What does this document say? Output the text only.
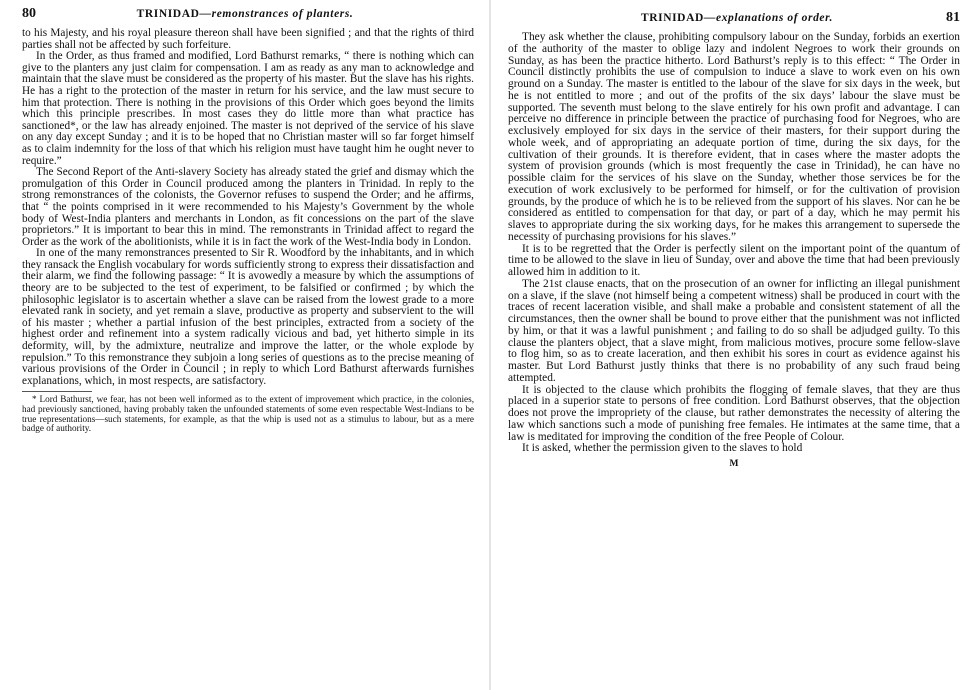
80	TRINIDAD—remonstrances of planters.

to his Majesty, and his royal pleasure thereon shall have been signified ; and that the rights of third parties shall not be affected by such forfeiture.

In the Order, as thus framed and modified, Lord Bathurst remarks, “ there is nothing which can give to the planters any just claim for compensation. I am as ready as any man to acknowledge and maintain that the slave must be considered as the property of his master. But the slave has his rights. He has a right to the protection of the master in return for his service, and the law must secure to him that protection. There is nothing in the provisions of this Order which goes beyond the limits which this principle prescribes. In most cases they do little more than what practice has sanctioned*, or the law has already enjoined. The master is not deprived of the service of his slave on any day except Sunday ; and it is to be hoped that no Christian master will so far forget himself as to claim indemnity for the loss of that which his religion must have taught him he ought never to require.”

The Second Report of the Anti-slavery Society has already stated the grief and dismay which the promulgation of this Order in Council produced among the planters in Trinidad. In reply to the strong remonstrances of the colonists, the Governor refuses to suspend the Order; and he affirms, that “ the points comprised in it were recommended to his Majesty’s Government by the whole body of West-India planters and merchants in London, as fit concessions on the part of the slave proprietors.” It is important to bear this in mind. The remonstrants in Trinidad affect to regard the Order as the work of the abolitionists, while it is in fact the work of the West-India body in London.

In one of the many remonstrances presented to Sir R. Woodford by the inhabitants, and in which they ransack the English vocabulary for words sufficiently strong to express their dissatisfaction and their alarm, we find the following passage: “ It is avowedly a measure by which the assumptions of theory are to be subjected to the test of experiment, to be falsified or confirmed ; by which the philosophic legislator is to ascertain whether a slave can be raised from the lowest grade to a more elevated rank in society, and yet remain a slave, productive as property and subservient to the will of his master ; whether a partial infusion of the best principles, extracted from a society of the highest order and refinement into a system radically vicious and bad, yet hitherto simple in its deformity, will, by the admixture, neutralize and improve the latter, or the whole explode by repulsion.” To this remonstrance they subjoin a long series of questions as to the precise meaning of various provisions of the Order in Council ; in reply to which Lord Bathurst afterwards furnishes explanations, which, in most respects, are satisfactory.

* Lord Bathurst, we fear, has not been well informed as to the extent of improvement which practice, in the colonies, had previously sanctioned, having probably taken the unfounded statements of some even respectable West-Indians to be true representations—such statements, for example, as that the whip is used not as a stimulus to labour, but as a mere badge of authority.

TRINIDAD—explanations of order.	81

They ask whether the clause, prohibiting compulsory labour on the Sunday, forbids an exertion of the authority of the master to oblige lazy and indolent Negroes to work their grounds on Sunday, as has been the practice hitherto. Lord Bathurst’s reply is to this effect: “ The Order in Council distinctly prohibits the use of compulsion to induce a slave to work even on his own ground on a Sunday. The master is entitled to the labour of the slave for six days in the week, but he is not entitled to more ; and out of the profits of the six days’ labour the slave must be supported. The seventh must belong to the slave entirely for his own profit and advantage. I can perceive no difference in principle between the practice of purchasing food for Negroes, who are exclusively employed for six days in the service of their masters, for their support during the whole week, and of appropriating an adequate portion of time, during the six days, for the cultivation of their grounds. It is therefore evident, that in cases where the master adopts the system of provision grounds (which is most frequently the case in Trinidad), he can have no possible claim for the services of his slave on the Sunday, whether those services be for the execution of work exclusively to be performed for himself, or for the cultivation of provision grounds, by the produce of which he is to be relieved from the support of his slaves. Nor can he be considered as entitled to compensation for that day, or part of a day, which he may permit his slaves to appropriate during the six working days, for he makes this arrangement to supersede the necessity of purchasing provisions for his slaves.”

It is to be regretted that the Order is perfectly silent on the important point of the quantum of time to be allowed to the slave in lieu of Sunday, over and above the time that had been previously allowed him in addition to it.

The 21st clause enacts, that on the prosecution of an owner for inflicting an illegal punishment on a slave, if the slave (not himself being a competent witness) shall be produced in court with the traces of recent laceration visible, and shall make a probable and consistent statement of all the circumstances, then the owner shall be bound to prove either that the punishment was not inflicted by him, or that it was a lawful punishment ; and failing to do so shall be adjudged guilty. To this clause the planters object, that a slave might, from malicious motives, procure some fellow-slave to flog him, so as to create laceration, and then exhibit his sores in court as evidence against his master. But Lord Bathurst justly thinks that there is no probability of any such fraud being attempted.

It is objected to the clause which prohibits the flogging of female slaves, that they are thus placed in a superior state to persons of free condition. Lord Bathurst observes, that the objection does not prove the impropriety of the clause, but rather demonstrates the necessity of altering the law which sanctions such a mode of punishing free females. He intimates at the same time, that a law is meditated for improving the condition of the free People of Colour.

It is asked, whether the permission given to the slaves to hold

M
